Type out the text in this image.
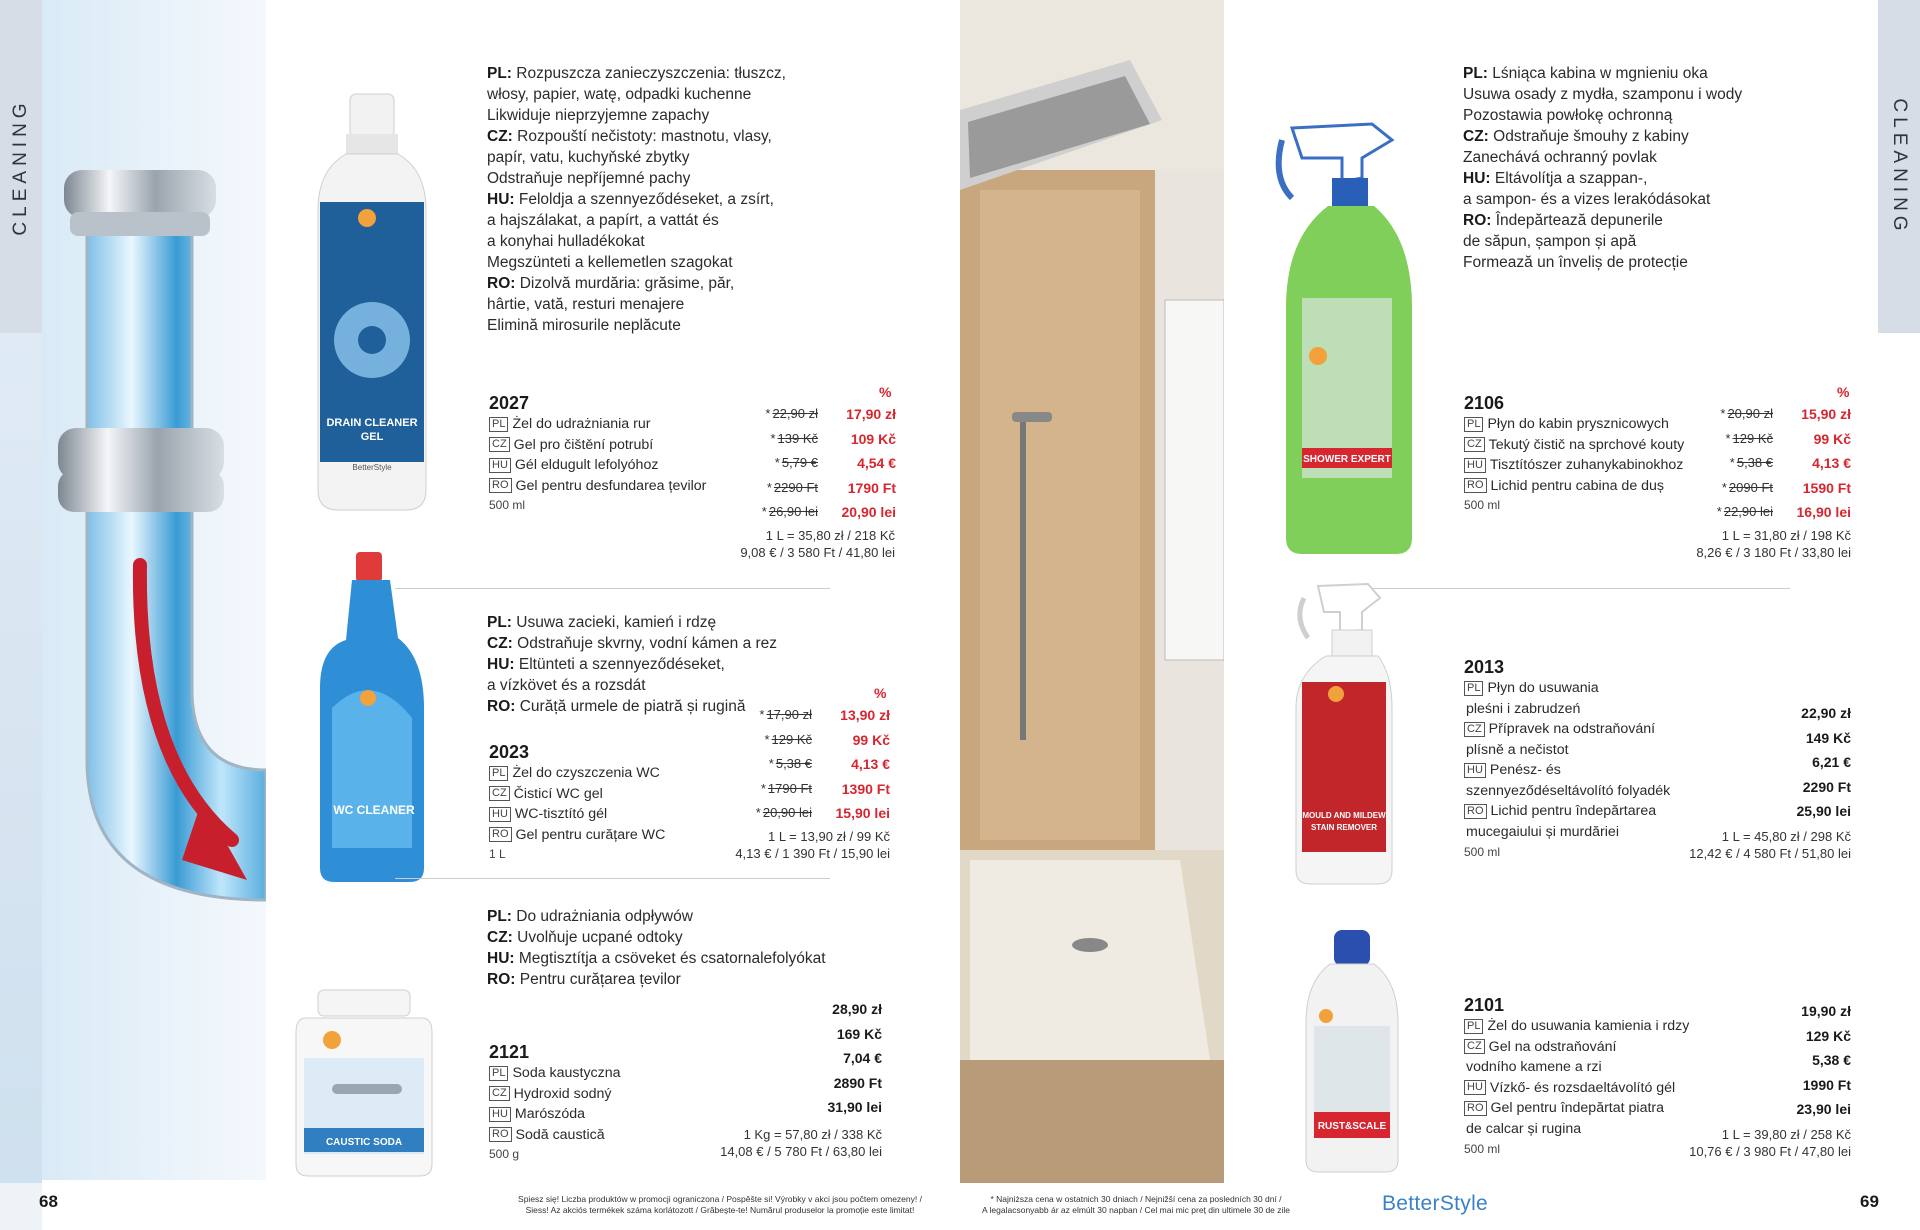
CLEANING
DRAIN CLEANER
GEL
BetterStyle
PL: Rozpuszcza zanieczyszczenia: tłuszcz,
włosy, papier, watę, odpadki kuchenne
Likwiduje nieprzyjemne zapachy
CZ: Rozpouští nečistoty: mastnotu, vlasy,
papír, vatu, kuchyňské zbytky
Odstraňuje nepříjemné pachy
HU: Feloldja a szennyeződéseket, a zsírt,
a hajszálakat, a papírt, a vattát és
a konyhai hulladékokat
Megszünteti a kellemetlen szagokat
RO: Dizolvă murdăria: grăsime, păr,
hârtie, vată, resturi menajere
Elimină mirosurile neplăcute
2027
PL Żel do udrażniania rur
CZ Gel pro čištění potrubí
HU Gél eldugult lefolyóhoz
RO Gel pentru desfundarea țevilor
500 ml
%
* 22,90 zł	17,90 zł
* 139 Kč	109 Kč
* 5,79 €	4,54 €
* 2290 Ft	1790 Ft
* 26,90 lei	20,90 lei
1 L = 35,80 zł / 218 Kč
9,08 € / 3 580 Ft / 41,80 lei
WC CLEANER
PL: Usuwa zacieki, kamień i rdzę
CZ: Odstraňuje skvrny, vodní kámen a rez
HU: Eltünteti a szennyeződéseket,
a vízkövet és a rozsdát
RO: Curăță urmele de piatră și rugină
2023
PL Żel do czyszczenia WC
CZ Čisticí WC gel
HU WC-tisztító gél
RO Gel pentru curățare WC
1 L
%
* 17,90 zł	13,90 zł
* 129 Kč	99 Kč
* 5,38 €	4,13 €
* 1790 Ft	1390 Ft
* 20,90 lei	15,90 lei
1 L = 13,90 zł / 99 Kč
4,13 € / 1 390 Ft / 15,90 lei
CAUSTIC SODA
PL: Do udrażniania odpływów
CZ: Uvolňuje ucpané odtoky
HU: Megtisztítja a csöveket és csatornalefolyókat
RO: Pentru curățarea țevilor
2121
PL Soda kaustyczna
CZ Hydroxid sodný
HU Marószóda
RO Sodă caustică
500 g
28,90 zł
169 Kč
7,04 €
2890 Ft
31,90 lei
1 Kg = 57,80 zł / 338 Kč
14,08 € / 5 780 Ft / 63,80 lei
68	Spiesz się! Liczba produktów w promocji ograniczona / Pospěšte si! Výrobky v akci jsou počtem omezeny! /
Siess! Az akciós termékek száma korlátozott / Grăbește-te! Numărul produselor la promoție este limitat!
CLEANING
SHOWER EXPERT
PL: Lśniąca kabina w mgnieniu oka
Usuwa osady z mydła, szamponu i wody
Pozostawia powłokę ochronną
CZ: Odstraňuje šmouhy z kabiny
Zanechává ochranný povlak
HU: Eltávolítja a szappan-,
a sampon- és a vizes lerakódásokat
RO: Îndepărtează depunerile
de săpun, șampon și apă
Formează un înveliș de protecție
2106
PL Płyn do kabin prysznicowych
CZ Tekutý čistič na sprchové kouty
HU Tisztítószer zuhanykabinokhoz
RO Lichid pentru cabina de duș
500 ml
%
* 20,90 zł	15,90 zł
* 129 Kč	99 Kč
* 5,38 €	4,13 €
* 2090 Ft	1590 Ft
* 22,90 lei	16,90 lei
1 L = 31,80 zł / 198 Kč
8,26 € / 3 180 Ft / 33,80 lei
MOULD AND MILDEW
STAIN REMOVER
2013
PL Płyn do usuwania
pleśni i zabrudzeń
CZ Přípravek na odstraňování
plísně a nečistot
HU Penész- és
szennyeződéseltávolító folyadék
RO Lichid pentru îndepărtarea
mucegaiului și murdăriei
500 ml
22,90 zł
149 Kč
6,21 €
2290 Ft
25,90 lei
1 L = 45,80 zł / 298 Kč
12,42 € / 4 580 Ft / 51,80 lei
RUST&SCALE
2101
PL Żel do usuwania kamienia i rdzy
CZ Gel na odstraňování
vodního kamene a rzi
HU Vízkő- és rozsdaeltávolító gél
RO Gel pentru îndepărtat piatra
de calcar și rugina
500 ml
19,90 zł
129 Kč
5,38 €
1990 Ft
23,90 lei
1 L = 39,80 zł / 258 Kč
10,76 € / 3 980 Ft / 47,80 lei
* Najniższa cena w ostatnich 30 dniach / Nejnižší cena za posledních 30 dní /
A legalacsonyabb ár az elmúlt 30 napban / Cel mai mic preț din ultimele 30 de zile	BetterStyle	69
